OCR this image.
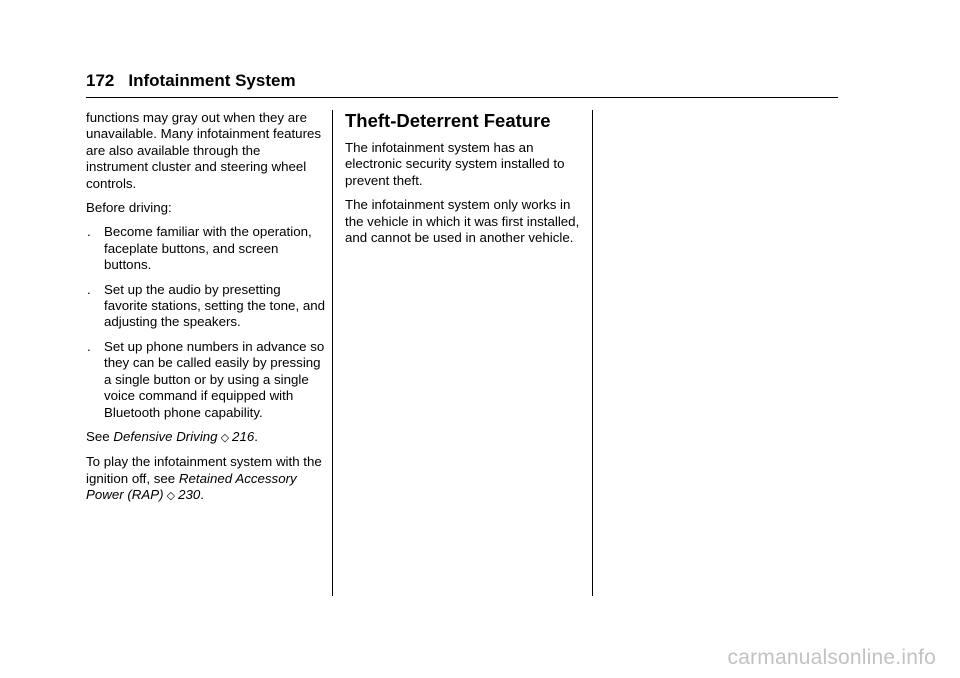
172 Infotainment System

functions may gray out when they are unavailable. Many infotainment features are also available through the instrument cluster and steering wheel controls.

Before driving:

. Become familiar with the operation, faceplate buttons, and screen buttons.
. Set up the audio by presetting favorite stations, setting the tone, and adjusting the speakers.
. Set up phone numbers in advance so they can be called easily by pressing a single button or by using a single voice command if equipped with Bluetooth phone capability.

See Defensive Driving ◇ 216.

To play the infotainment system with the ignition off, see Retained Accessory Power (RAP) ◇ 230.

Theft-Deterrent Feature

The infotainment system has an electronic security system installed to prevent theft.

The infotainment system only works in the vehicle in which it was first installed, and cannot be used in another vehicle.

carmanualsonline.info
